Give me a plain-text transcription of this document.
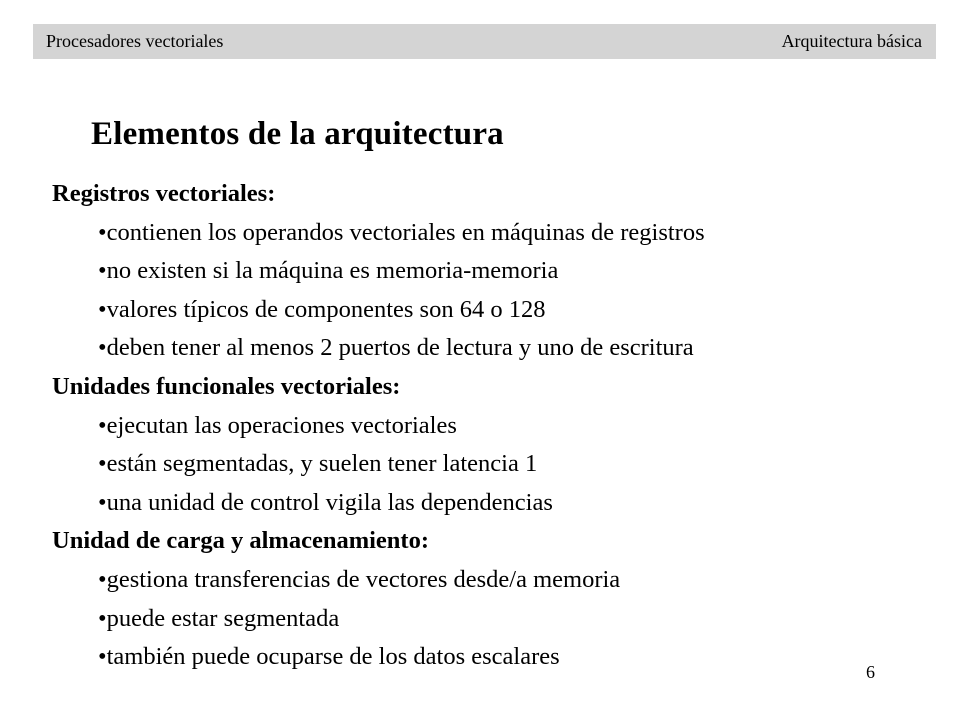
Procesadores vectoriales	Arquitectura básica
Elementos de la arquitectura
Registros vectoriales:
• contienen los operandos vectoriales en máquinas de registros
• no existen si la máquina es memoria-memoria
• valores típicos de componentes son 64 o 128
• deben tener al menos 2 puertos de lectura y uno de escritura
Unidades funcionales vectoriales:
• ejecutan las operaciones vectoriales
• están segmentadas, y suelen tener latencia 1
• una unidad de control vigila las dependencias
Unidad de carga y almacenamiento:
• gestiona transferencias de vectores desde/a memoria
• puede estar segmentada
• también puede ocuparse de los datos escalares
6
